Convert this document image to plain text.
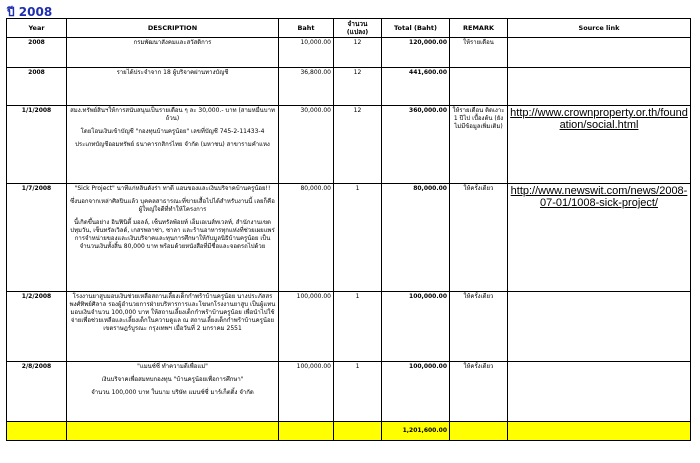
ปี 2008
Year	DESCRIPTION	Baht	จำนวน (แปลง)	Total (Baht)	REMARK	Source link
2008	กรมพัฒนาสังคมและสวัสดิการ	10,000.00	12	120,000.00	ให้รายเดือน	
2008	รายได้ประจำจาก 18 ผู้บริจาคผ่านทางบัญชี	36,800.00	12	441,600.00		
1/1/2008	สมง.ทรัพย์สินฯให้การสนับสนุนเป็นรายเดือน ๆ ละ 30,000.- บาท (สามหมื่นบาทถ้วน)

โดยโอนเงินเข้าบัญชี "กองทุนบ้านครูน้อย" เลขที่บัญชี 745-2-11433-4

ประเภทบัญชีออมทรัพย์ ธนาคารกสิกรไทย จำกัด (มหาชน) สาขารามคำแหง	30,000.00	12	360,000.00	ให้รายเดือน ติดเงาะ 1 ปีไป เบื้องต้น (ยังไม่มีข้อมูลเพิ่มเติม)	http://www.crownproperty.or.th/foundation/social.html

1/7/2008	"Sick Project" นาทีแก่หลินดังร่า ทาดี แอนของและเงินบริจาคบ้านครูน้อย!!

ซึ่งนอกจากเหล่าศิลปินแล้ว บุคคลสาธารณะที่ขายเสื้อไปได้สำหรับงานนี้ เลยก็คือผู้ใหญ่ใจดีที่ทำให้โครงการ

นี้เกิดขึ้นอย่าง อินฟินิตี้ มอลล์, เซ็นทรัลพ้อยท์ เอ็มเอเนส์ทเวลท์, สำนักงานเขต ปทุมวัน, เซ็นทรัลเวิลด์, เกสรพลาซ่า, ซาลา และร้านอาหารทุกแห่งที่ช่วยเผยแพร่ การจำหน่ายของและเงินบริจาคและทุนการศึกษาให้กับมูลนิธิบ้านครูน้อย เป็นจำนวนเงินทั้งสิ้น 80,000 บาท พร้อมด้วยหนังสือที่มีชื่อและจอดรถไปด้วย	80,000.00	1	80,000.00	ให้ครั้งเดียว	http://www.newswit.com/news/2008-07-01/1008-sick-project/

1/2/2008	โรงงานยาสูบมอบเงินช่วยเหลือสถานเลี้ยงเด็กกำพร้าบ้านครูน้อย นางประภัสสร พงศ์ทิพย์ศิลาล รองผู้อำนวยการฝ่ายบริหารการและโฆษกโรงงานยาสูบ เป็นผู้แทนมอบเงินจำนวน 100,000 บาท ให้สถานเลี้ยงเด็กกำพร้าบ้านครูน้อย เพื่อนำไปใช้จ่ายเพื่อช่วยเหลือและเลี้ยงเด็กในความดูแล ณ สถานเลี้ยงเด็กกำพร้าบ้านครูน้อย เขตราษฎร์บูรณะ กรุงเทพฯ เมื่อวันที่ 2 มกราคม 2551	100,000.00	1	100,000.00	ให้ครั้งเดียว	
2/8/2008	"แมนซ์ซี่ ทำความดีเพื่อแม่"

เงินบริจาคเพื่อสมทบกองทุน "บ้านครูน้อยเพื่อการศึกษา"

จำนวน 100,000 บาท ในนาม บริษัท แมนซ์ซี่ มาร์เก็ตติ้ง จำกัด	100,000.00	1	100,000.00	ให้ครั้งเดียว	
				1,201,600.00		
